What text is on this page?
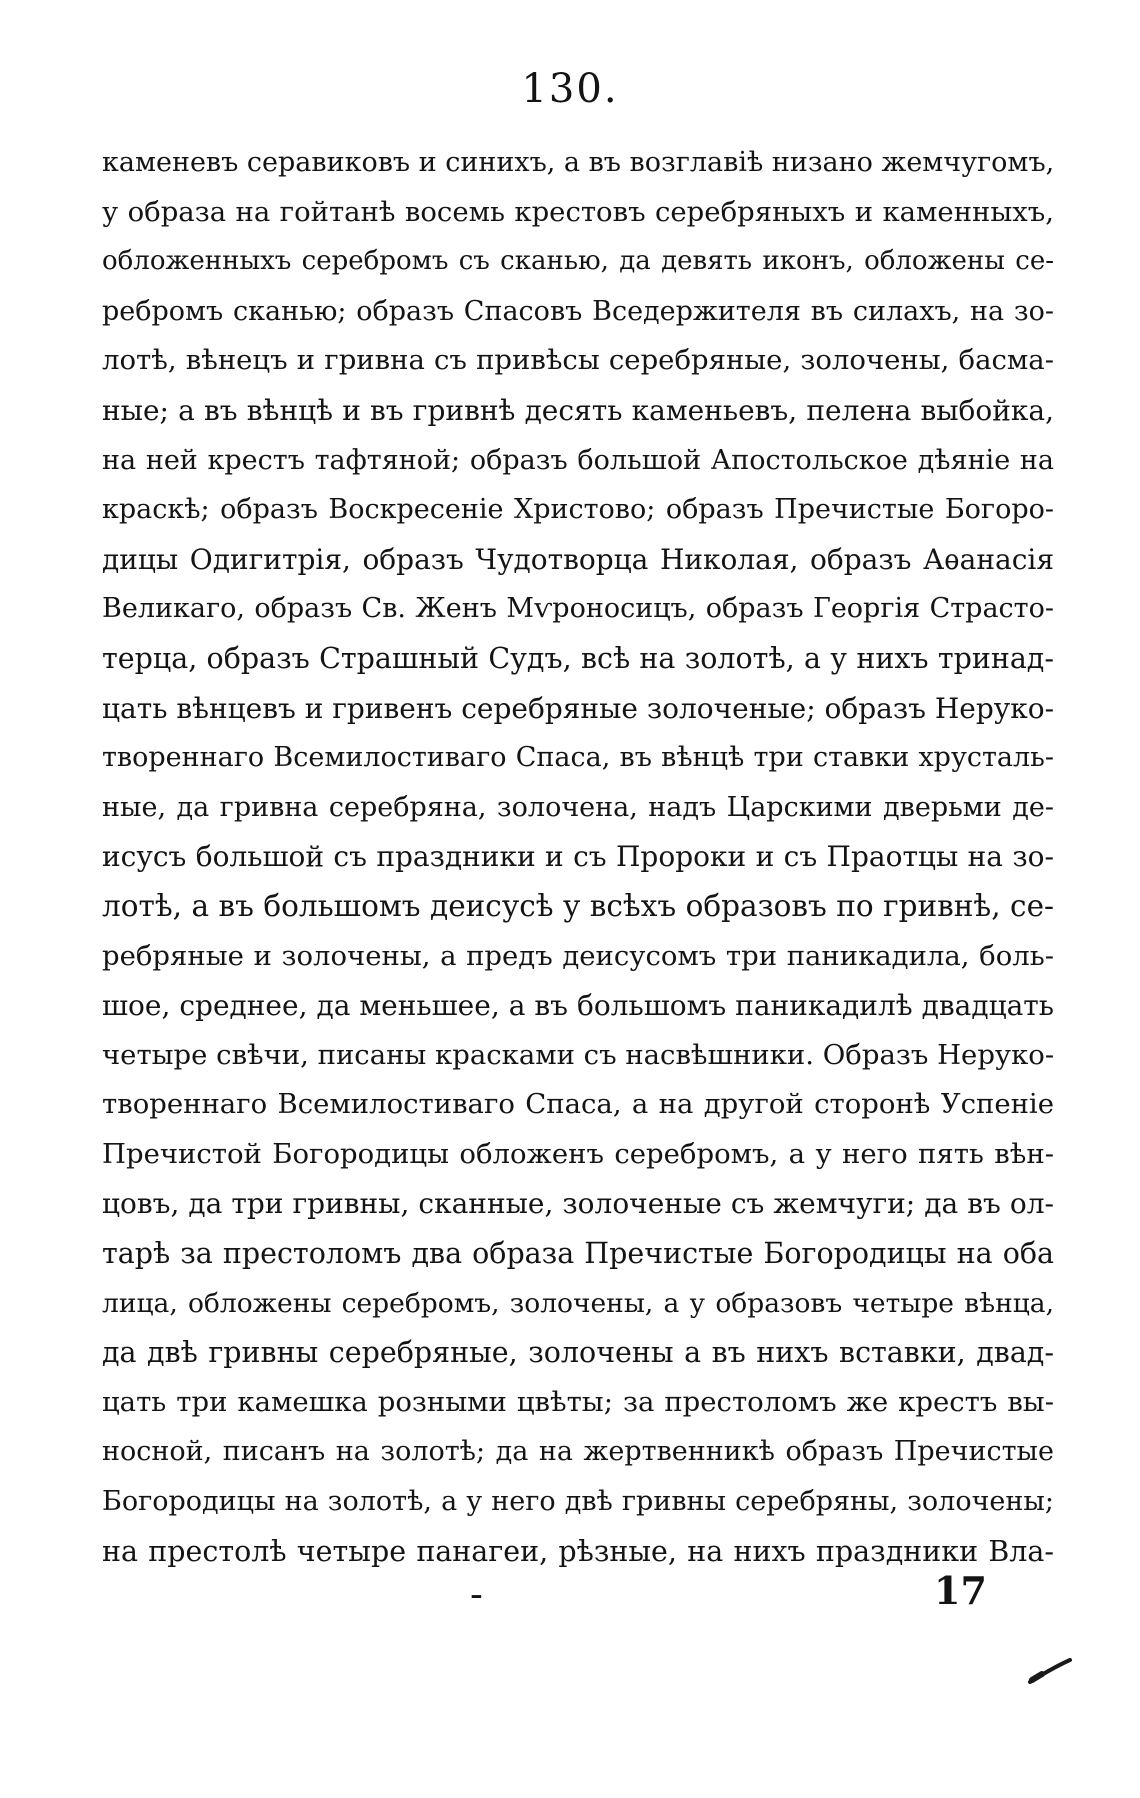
130.
каменевъ серавиковъ и синихъ, а въ возглавіѣ низано жемчугомъ,
у образа на гойтанѣ восемь крестовъ серебряныхъ и каменныхъ,
обложенныхъ серебромъ съ сканью, да девять иконъ, обложены се-
ребромъ сканью; образъ Спасовъ Вседержителя въ силахъ, на зо-
лотѣ, вѣнецъ и гривна съ привѣсы серебряные, золочены, басма-
ные; а въ вѣнцѣ и въ гривнѣ десять каменьевъ, пелена выбойка,
на ней крестъ тафтяной; образъ большой Апостольское дѣяніе на
краскѣ; образъ Воскресеніе Христово; образъ Пречистые Богоро-
дицы Одигитрія, образъ Чудотворца Николая, образъ Аѳанасія
Великаго, образъ Св. Женъ Мѵроносицъ, образъ Георгія Страсто-
терца, образъ Страшный Судъ, всѣ на золотѣ, а у нихъ тринад-
цать вѣнцевъ и гривенъ серебряные золоченые; образъ Нерукo-
твореннаго Всемилостиваго Спаса, въ вѣнцѣ три ставки хрусталь-
ные, да гривна серебряна, золочена, надъ Царскими дверьми де-
исусъ большой съ праздники и съ Пророки и съ Праотцы на зо-
лотѣ, а въ большомъ деисусѣ у всѣхъ образовъ по гривнѣ, се-
ребряные и золочены, а предъ деисусомъ три паникадила, боль-
шое, среднее, да меньшее, а въ большомъ паникадилѣ двадцать
четыре свѣчи, писаны красками съ насвѣшники. Образъ Нерукo-
твореннаго Всемилостиваго Спаса, а на другой сторонѣ Успеніе
Пречистой Богородицы обложенъ серебромъ, а у него пять вѣн-
цовъ, да три гривны, сканные, золоченые съ жемчуги; да въ ол-
тарѣ за престоломъ два образа Пречистые Богородицы на оба
лица, обложены серебромъ, золочены, а у образовъ четыре вѣнца,
да двѣ гривны серебряные, золочены а въ нихъ вставки, двад-
цать три камешка розными цвѣты; за престоломъ же крестъ вы-
носной, писанъ на золотѣ; да на жертвенникѣ образъ Пречистые
Богородицы на золотѣ, а у него двѣ гривны серебряны, золочены;
на престолѣ четыре панагеи, рѣзные, на нихъ праздники Вла-
-	17
